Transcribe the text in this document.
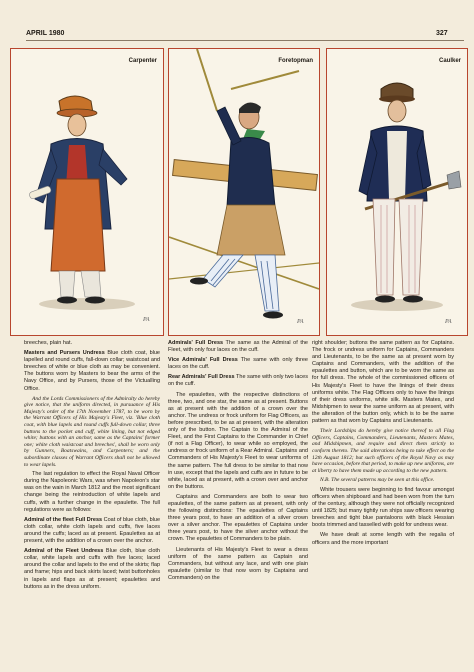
APRIL 1980	327
Carpenter
PA
Foretopman
PA
Caulker
PA

breeches, plain hat.

Masters and Pursers Undress Blue cloth coat, blue lapelled and round cuffs, fall-down collar; waistcoat and breeches of white or blue cloth as may be convenient. The buttons worn by Masters to bear the arms of the Navy Office, and by Pursers, those of the Victualling Office.

And the Lords Commissioners of the Admiralty do hereby give notice, that the uniform directed, in pursuance of His Majesty's order of the 17th November 1787, to be worn by the Warrant Officers of His Majesty's Fleet, viz. 'Blue cloth coat, with blue lapels and round cuffs full-down collar, three buttons to the pocket and cuff, white lining, but not edged white; buttons with an anchor, same as the Captains' former one; white cloth waistcoat and breeches', shall be worn only by Gunners, Boatswains, and Carpenters; and the subordinate classes of Warrant Officers shall not be allowed to wear lapels.

The last regulation to effect the Royal Naval Officer during the Napoleonic Wars, was when Napoleon's star was on the wain in March 1812 and the most significant change being the reintroduction of white lapels and cuffs, with a further change in the epaulette. The full regulations were as follows:

Admiral of the fleet Full Dress Coat of blue cloth, blue cloth collar, white cloth lapels and cuffs, five laces around the cuffs; laced as at present. Epaulettes as at present, with the addition of a crown over the anchor.

Admiral of the Fleet Undress Blue cloth, blue cloth collar, white lapels and cuffs with five laces; laced around the collar and lapels to the end of the skirts; flap and frame; hips and back skirts laced; twist buttonholes in lapels and flaps as at present; epaulettes and buttons as in the dress uniform.

Admirals' Full Dress The same as the Admiral of the Fleet, with only four laces on the cuff.

Vice Admirals' Full Dress The same with only three laces on the cuff.

Rear Admirals' Full Dress The same with only two laces on the cuff.

The epaulettes, with the respective distinctions of three, two, and one star, the same as at present. Buttons as at present with the addition of a crown over the anchor. The undress or frock uniform for Flag Officers, as before prescribed, to be as at present, with the alteration only of the button. The Captain to the Admiral of the Fleet, and the First Captains to the Commander in Chief (if not a Flag Officer), to wear while so employed, the undress or frock uniform of a Rear Admiral. Captains and Commanders of His Majesty's Fleet to wear uniforms of the same pattern. The full dress to be similar to that now in use, except that the lapels and cuffs are in future to be white, laced as at present, with a crown over and anchor on the buttons.

Captains and Commanders are both to wear two epaulettes, of the same pattern as at present, with only the following distinctions: The epaulettes of Captains three years post, to have an addition of a silver crown over a silver anchor. The epaulettes of Captains under three years post, to have the silver anchor without the crown. The epaulettes of Commanders to be plain.

Lieutenants of His Majesty's Fleet to wear a dress uniform of the same pattern as Captain and Commanders, but without any lace, and with one plain epaulette (similar to that now worn by Captains and Commanders) on the

right shoulder; buttons the same pattern as for Captains. The frock or undress uniform for Captains, Commanders and Lieutenants, to be the same as at present worn by Captains and Commanders, with the addition of the epaulettes and button, which are to be worn the same as for full dress. The whole of the commissioned officers of His Majesty's Fleet to have the linings of their dress uniforms white. The Flag Officers only to have the linings of their dress uniforms, white silk. Masters Mates, and Midshipmen to wear the same uniform as at present, with the alteration of the button only, which is to be the same pattern as that worn by Captains and Lieutenants.

Their Lordships do hereby give notice thereof to all Flag Officers, Captains, Commanders, Lieutenants, Masters Mates, and Midshipmen, and require and direct them strictly to conform thereto. The said alterations being to take effect on the 12th August 1812; but such officers of the Royal Navy as may have occasion, before that period, to make up new uniforms, are at liberty to have them made up according to the new pattern.

N.B. The several patterns may be seen at this office.

White trousers were beginning to find favour amongst officers when shipboard and had been worn from the turn of the century, although they were not officially recognized until 1825; but many tightly run ships saw officers wearing breeches and tight blue pantaloons with black Hessian boots trimmed and tasselled with gold for undress wear.

We have dealt at some length with the regalia of officers and the more important
